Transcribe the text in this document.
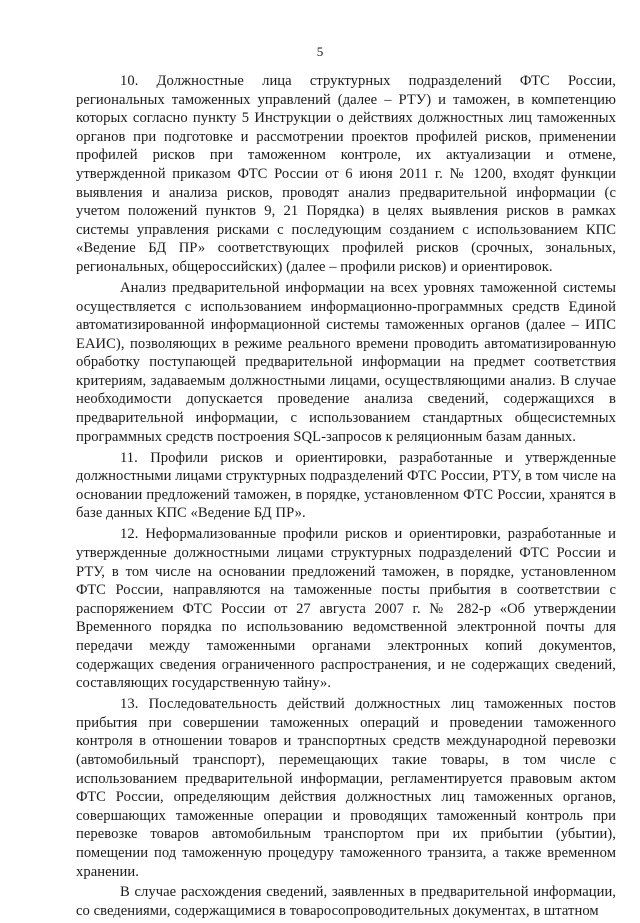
5

10. Должностные лица структурных подразделений ФТС России, региональных таможенных управлений (далее – РТУ) и таможен, в компетенцию которых согласно пункту 5 Инструкции о действиях должностных лиц таможенных органов при подготовке и рассмотрении проектов профилей рисков, применении профилей рисков при таможенном контроле, их актуализации и отмене, утвержденной приказом ФТС России от 6 июня 2011 г. № 1200, входят функции выявления и анализа рисков, проводят анализ предварительной информации (с учетом положений пунктов 9, 21 Порядка) в целях выявления рисков в рамках системы управления рисками с последующим созданием с использованием КПС «Ведение БД ПР» соответствующих профилей рисков (срочных, зональных, региональных, общероссийских) (далее – профили рисков) и ориентировок.

Анализ предварительной информации на всех уровнях таможенной системы осуществляется с использованием информационно-программных средств Единой автоматизированной информационной системы таможенных органов (далее – ИПС ЕАИС), позволяющих в режиме реального времени проводить автоматизированную обработку поступающей предварительной информации на предмет соответствия критериям, задаваемым должностными лицами, осуществляющими анализ. В случае необходимости допускается проведение анализа сведений, содержащихся в предварительной информации, с использованием стандартных общесистемных программных средств построения SQL-запросов к реляционным базам данных.

11. Профили рисков и ориентировки, разработанные и утвержденные должностными лицами структурных подразделений ФТС России, РТУ, в том числе на основании предложений таможен, в порядке, установленном ФТС России, хранятся в базе данных КПС «Ведение БД ПР».

12. Неформализованные профили рисков и ориентировки, разработанные и утвержденные должностными лицами структурных подразделений ФТС России и РТУ, в том числе на основании предложений таможен, в порядке, установленном ФТС России, направляются на таможенные посты прибытия в соответствии с распоряжением ФТС России от 27 августа 2007 г. № 282-р «Об утверждении Временного порядка по использованию ведомственной электронной почты для передачи между таможенными органами электронных копий документов, содержащих сведения ограниченного распространения, и не содержащих сведений, составляющих государственную тайну».

13. Последовательность действий должностных лиц таможенных постов прибытия при совершении таможенных операций и проведении таможенного контроля в отношении товаров и транспортных средств международной перевозки (автомобильный транспорт), перемещающих такие товары, в том числе с использованием предварительной информации, регламентируется правовым актом ФТС России, определяющим действия должностных лиц таможенных органов, совершающих таможенные операции и проводящих таможенный контроль при перевозке товаров автомобильным транспортом при их прибытии (убытии), помещении под таможенную процедуру таможенного транзита, а также временном хранении.

В случае расхождения сведений, заявленных в предварительной информации, со сведениями, содержащимися в товаросопроводительных документах, в штатном
